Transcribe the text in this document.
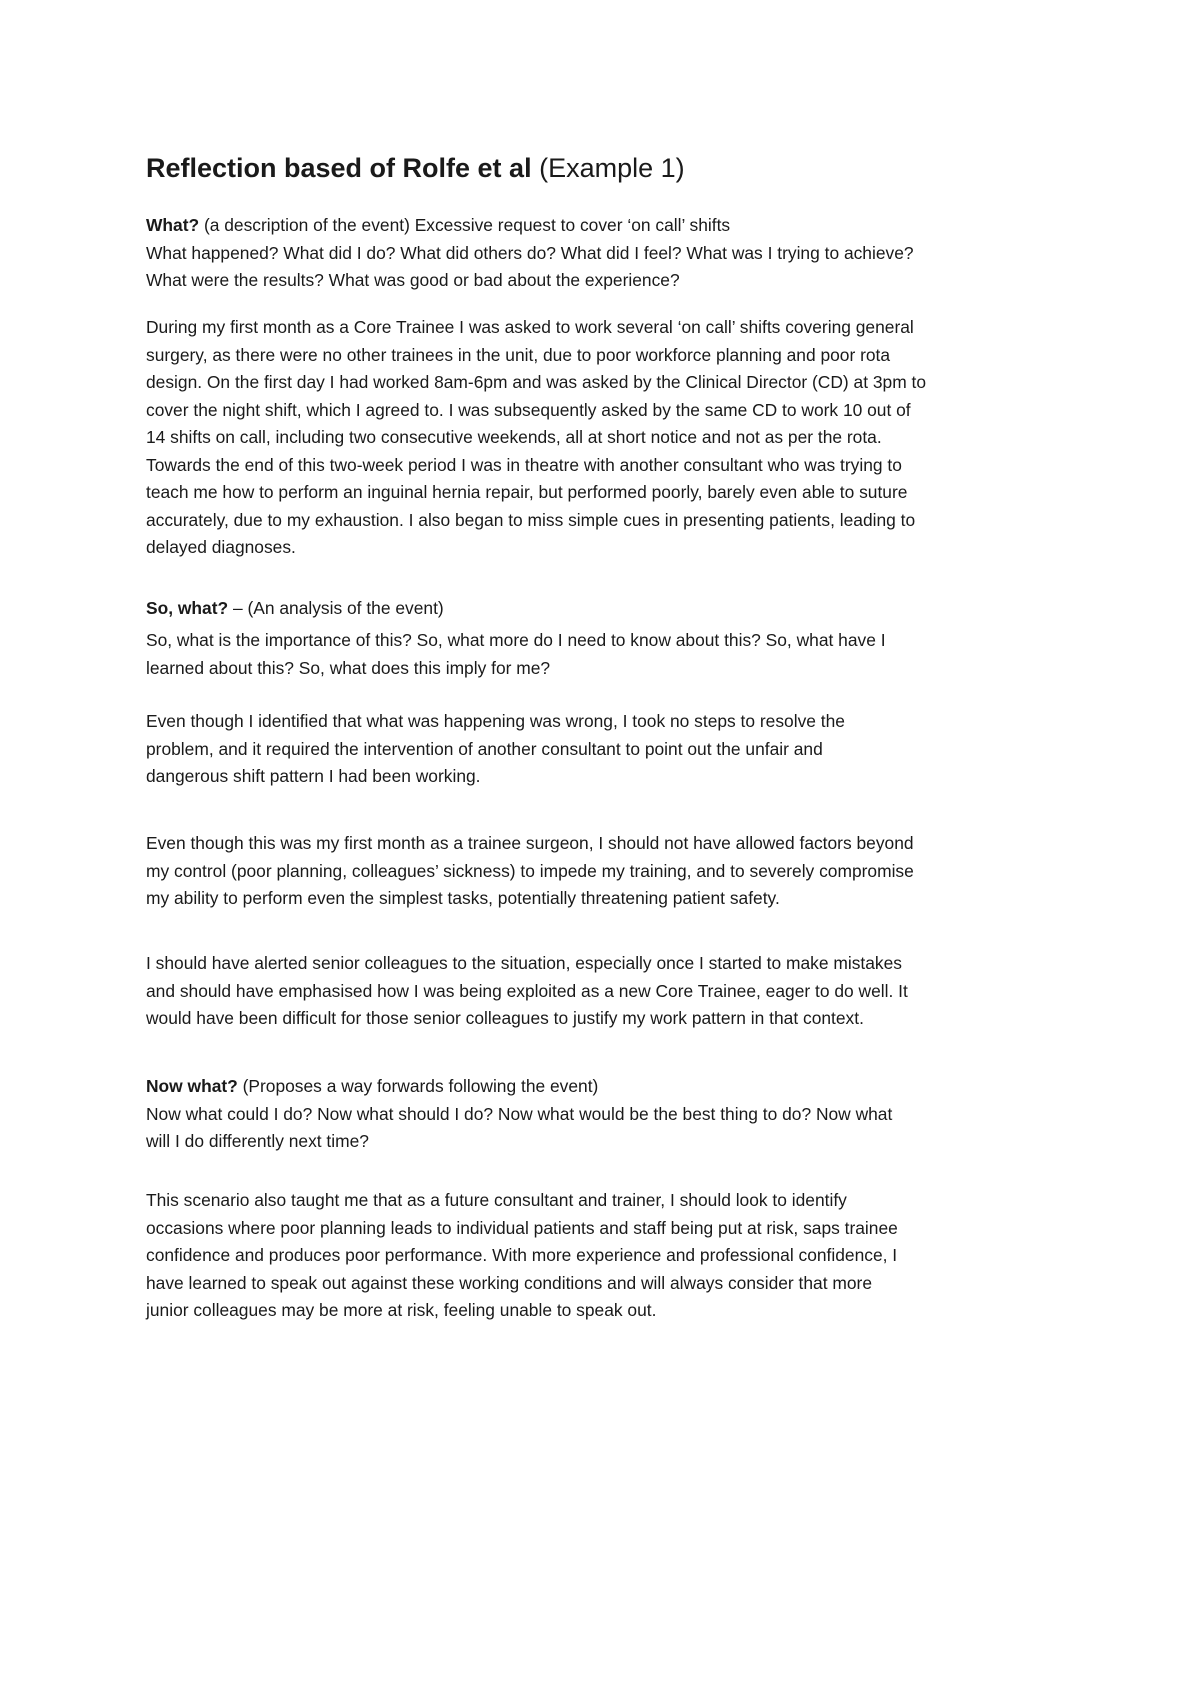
Reflection based of Rolfe et al (Example 1)
What? (a description of the event) Excessive request to cover ‘on call’ shifts
What happened? What did I do? What did others do? What did I feel? What was I trying to achieve?
What were the results? What was good or bad about the experience?
During my first month as a Core Trainee I was asked to work several ‘on call’ shifts covering general
surgery, as there were no other trainees in the unit, due to poor workforce planning and poor rota
design. On the first day I had worked 8am-6pm and was asked by the Clinical Director (CD) at 3pm to
cover the night shift, which I agreed to. I was subsequently asked by the same CD to work 10 out of
14 shifts on call, including two consecutive weekends, all at short notice and not as per the rota.
Towards the end of this two-week period I was in theatre with another consultant who was trying to
teach me how to perform an inguinal hernia repair, but performed poorly, barely even able to suture
accurately, due to my exhaustion. I also began to miss simple cues in presenting patients, leading to
delayed diagnoses.
So, what? – (An analysis of the event)
So, what is the importance of this? So, what more do I need to know about this? So, what have I
learned about this? So, what does this imply for me?
Even though I identified that what was happening was wrong, I took no steps to resolve the
problem, and it required the intervention of another consultant to point out the unfair and
dangerous shift pattern I had been working.
Even though this was my first month as a trainee surgeon, I should not have allowed factors beyond
my control (poor planning, colleagues’ sickness) to impede my training, and to severely compromise
my ability to perform even the simplest tasks, potentially threatening patient safety.
I should have alerted senior colleagues to the situation, especially once I started to make mistakes
and should have emphasised how I was being exploited as a new Core Trainee, eager to do well. It
would have been difficult for those senior colleagues to justify my work pattern in that context.
Now what? (Proposes a way forwards following the event)
Now what could I do? Now what should I do? Now what would be the best thing to do? Now what
will I do differently next time?
This scenario also taught me that as a future consultant and trainer, I should look to identify
occasions where poor planning leads to individual patients and staff being put at risk, saps trainee
confidence and produces poor performance. With more experience and professional confidence, I
have learned to speak out against these working conditions and will always consider that more
junior colleagues may be more at risk, feeling unable to speak out.
